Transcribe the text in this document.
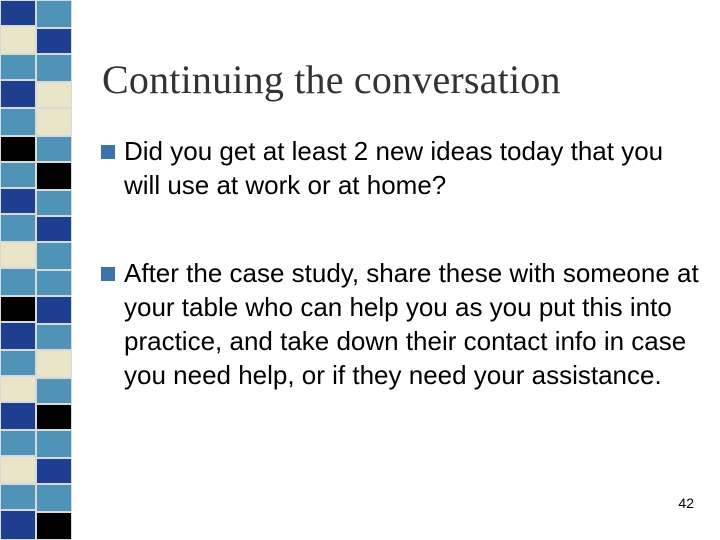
Continuing the conversation
Did you get at least 2 new ideas today that you will use at work or at home?
After the case study, share these with someone at your table who can help you as you put this into practice, and take down their contact info in case you need help, or if they need your assistance.
42
